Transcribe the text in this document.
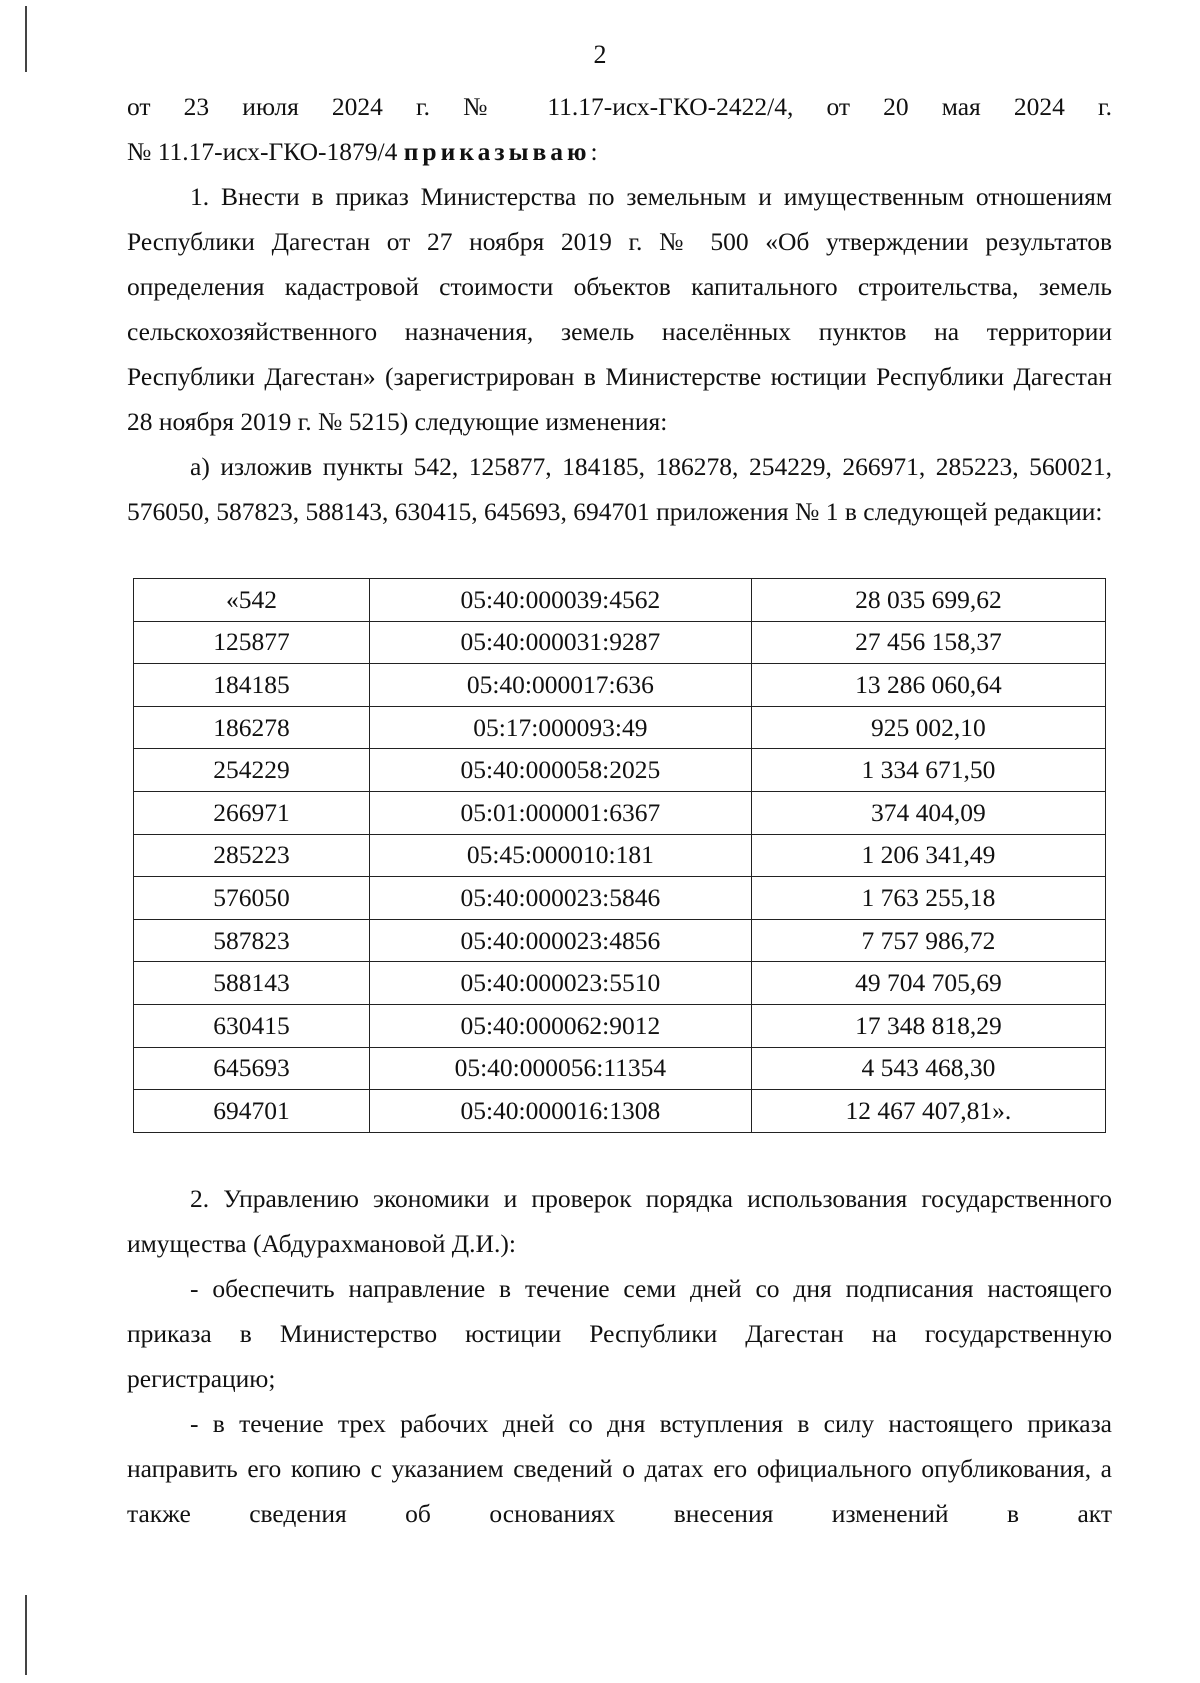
2

от 23 июля 2024 г. № 11.17-исх-ГКО-2422/4, от 20 мая 2024 г.

№ 11.17-исх-ГКО-1879/4 приказываю:

1. Внести в приказ Министерства по земельным и имущественным отношениям Республики Дагестан от 27 ноября 2019 г. № 500 «Об утверждении результатов определения кадастровой стоимости объектов капитального строительства, земель сельскохозяйственного назначения, земель населённых пунктов на территории Республики Дагестан» (зарегистрирован в Министерстве юстиции Республики Дагестан 28 ноября 2019 г. № 5215) следующие изменения:

а) изложив пункты 542, 125877, 184185, 186278, 254229, 266971, 285223, 560021, 576050, 587823, 588143, 630415, 645693, 694701 приложения № 1 в следующей редакции:

«542	05:40:000039:4562	28 035 699,62
125877	05:40:000031:9287	27 456 158,37
184185	05:40:000017:636	13 286 060,64
186278	05:17:000093:49	925 002,10
254229	05:40:000058:2025	1 334 671,50
266971	05:01:000001:6367	374 404,09
285223	05:45:000010:181	1 206 341,49
576050	05:40:000023:5846	1 763 255,18
587823	05:40:000023:4856	7 757 986,72
588143	05:40:000023:5510	49 704 705,69
630415	05:40:000062:9012	17 348 818,29
645693	05:40:000056:11354	4 543 468,30
694701	05:40:000016:1308	12 467 407,81».

2. Управлению экономики и проверок порядка использования государственного имущества (Абдурахмановой Д.И.):

- обеспечить направление в течение семи дней со дня подписания настоящего приказа в Министерство юстиции Республики Дагестан на государственную регистрацию;

- в течение трех рабочих дней со дня вступления в силу настоящего приказа направить его копию с указанием сведений о датах его официального опубликования, а также сведения об основаниях внесения изменений в акт
